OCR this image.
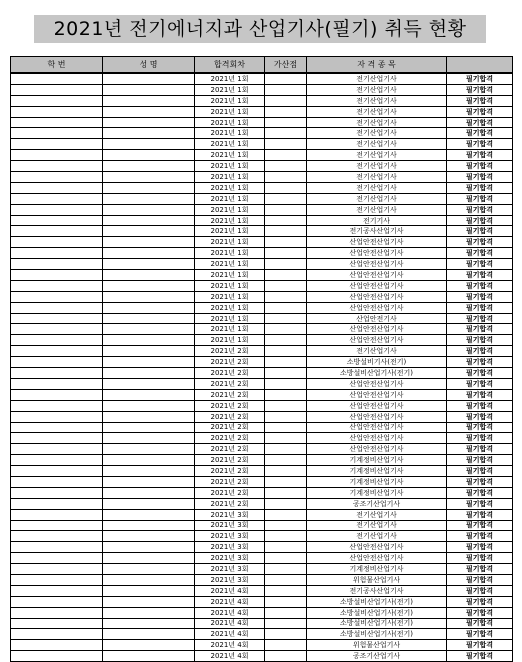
2021년 전기에너지과 산업기사(필기) 취득 현황
학 번	성 명	합격회차	가산점	자 격 종 목	
		2021년 1회		전기산업기사	필기합격
		2021년 1회		전기산업기사	필기합격
		2021년 1회		전기산업기사	필기합격
		2021년 1회		전기산업기사	필기합격
		2021년 1회		전기산업기사	필기합격
		2021년 1회		전기산업기사	필기합격
		2021년 1회		전기산업기사	필기합격
		2021년 1회		전기산업기사	필기합격
		2021년 1회		전기산업기사	필기합격
		2021년 1회		전기산업기사	필기합격
		2021년 1회		전기산업기사	필기합격
		2021년 1회		전기산업기사	필기합격
		2021년 1회		전기산업기사	필기합격
		2021년 1회		전기기사	필기합격
		2021년 1회		전기공사산업기사	필기합격
		2021년 1회		산업안전산업기사	필기합격
		2021년 1회		산업안전산업기사	필기합격
		2021년 1회		산업안전산업기사	필기합격
		2021년 1회		산업안전산업기사	필기합격
		2021년 1회		산업안전산업기사	필기합격
		2021년 1회		산업안전산업기사	필기합격
		2021년 1회		산업안전산업기사	필기합격
		2021년 1회		산업안전기사	필기합격
		2021년 1회		산업안전산업기사	필기합격
		2021년 1회		산업안전산업기사	필기합격
		2021년 2회		전기산업기사	필기합격
		2021년 2회		소방설비기사(전기)	필기합격
		2021년 2회		소방설비산업기사(전기)	필기합격
		2021년 2회		산업안전산업기사	필기합격
		2021년 2회		산업안전산업기사	필기합격
		2021년 2회		산업안전산업기사	필기합격
		2021년 2회		산업안전산업기사	필기합격
		2021년 2회		산업안전산업기사	필기합격
		2021년 2회		산업안전산업기사	필기합격
		2021년 2회		산업안전산업기사	필기합격
		2021년 2회		기계정비산업기사	필기합격
		2021년 2회		기계정비산업기사	필기합격
		2021년 2회		기계정비산업기사	필기합격
		2021년 2회		기계정비산업기사	필기합격
		2021년 2회		공조기산업기사	필기합격
		2021년 3회		전기산업기사	필기합격
		2021년 3회		전기산업기사	필기합격
		2021년 3회		전기산업기사	필기합격
		2021년 3회		산업안전산업기사	필기합격
		2021년 3회		산업안전산업기사	필기합격
		2021년 3회		기계정비산업기사	필기합격
		2021년 3회		위험물산업기사	필기합격
		2021년 4회		전기공사산업기사	필기합격
		2021년 4회		소방설비산업기사(전기)	필기합격
		2021년 4회		소방설비산업기사(전기)	필기합격
		2021년 4회		소방설비산업기사(전기)	필기합격
		2021년 4회		소방설비산업기사(전기)	필기합격
		2021년 4회		위험물산업기사	필기합격
		2021년 4회		공조기산업기사	필기합격
